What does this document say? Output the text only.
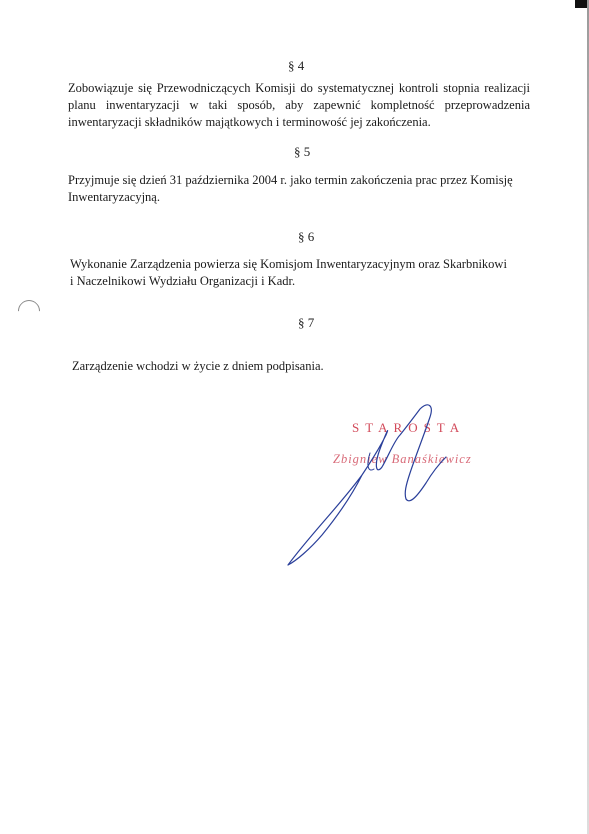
§ 4
Zobowiązuje się Przewodniczących Komisji do systematycznej kontroli stopnia realizacji
planu inwentaryzacji w taki sposób, aby zapewnić kompletność przeprowadzenia
inwentaryzacji składników majątkowych i terminowość jej zakończenia.
§ 5
Przyjmuje się dzień 31 października 2004 r. jako termin zakończenia prac przez Komisję
Inwentaryzacyjną.
§ 6
Wykonanie Zarządzenia powierza się Komisjom Inwentaryzacyjnym oraz Skarbnikowi
i Naczelnikowi Wydziału Organizacji i Kadr.
§ 7
Zarządzenie wchodzi w życie z dniem podpisania.
STAROSTA
Zbigniew Banaśkiewicz
